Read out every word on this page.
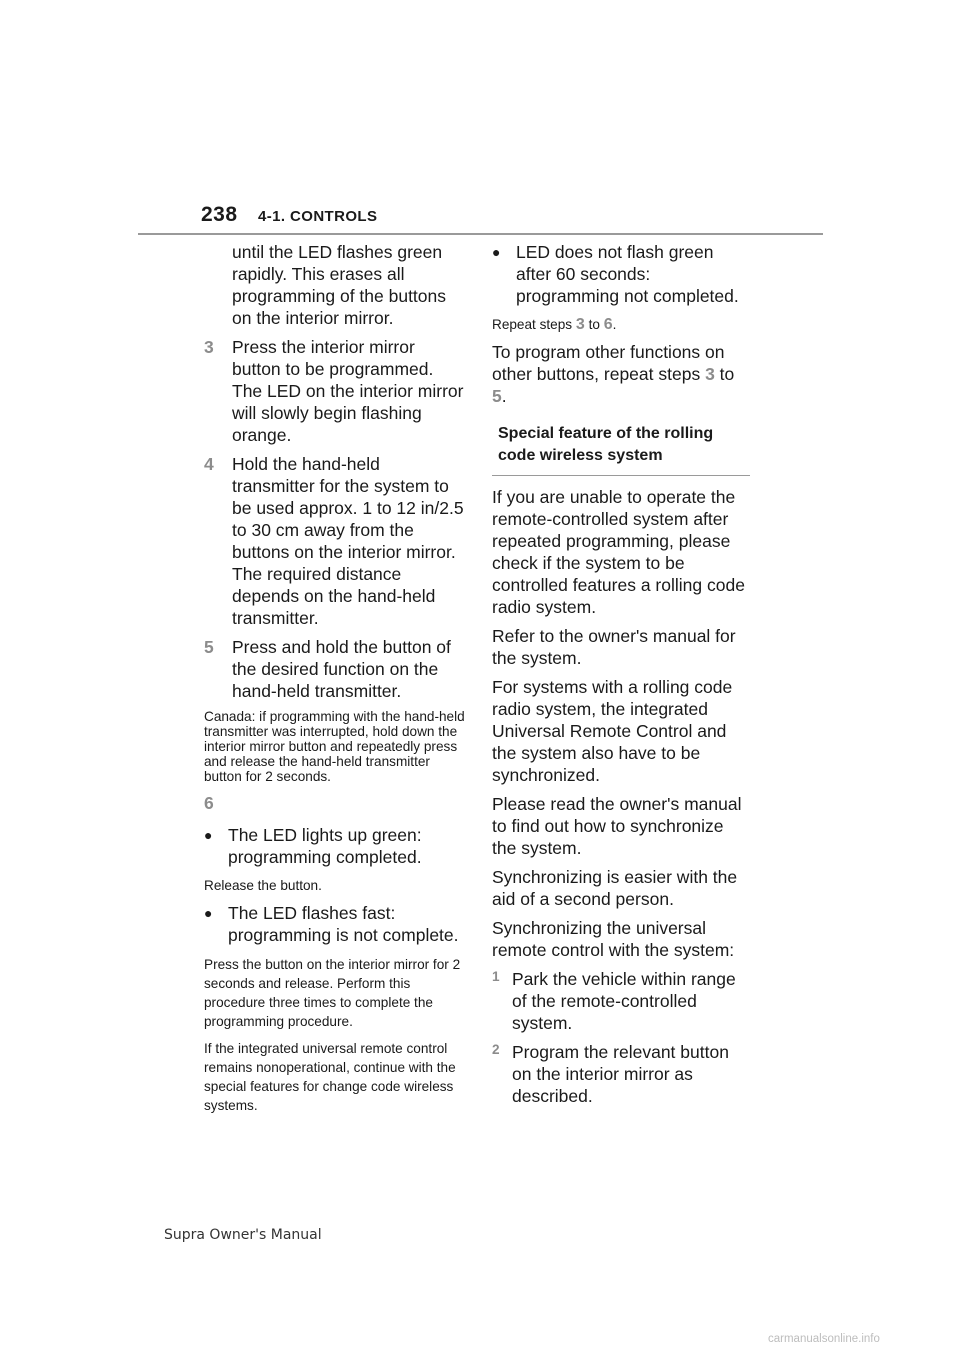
238 4-1. CONTROLS

until the LED flashes green rapidly. This erases all programming of the buttons on the interior mirror.

3	Press the interior mirror button to be programmed. The LED on the interior mirror will slowly begin flashing orange.
4	Hold the hand-held transmitter for the system to be used approx. 1 to 12 in/2.5 to 30 cm away from the buttons on the interior mirror. The required distance depends on the hand-held transmitter.
5	Press and hold the button of the desired function on the hand-held transmitter.

Canada: if programming with the hand-held transmitter was interrupted, hold down the interior mirror button and repeatedly press and release the hand-held transmitter button for 2 seconds.

6
● The LED lights up green: programming completed.

Release the button.

● The LED flashes fast: programming is not complete.

Press the button on the interior mirror for 2 seconds and release. Perform this procedure three times to complete the programming procedure.

If the integrated universal remote control remains nonoperational, continue with the special features for change code wireless systems.

● LED does not flash green after 60 seconds: programming not completed.

Repeat steps 3 to 6.

To program other functions on other buttons, repeat steps 3 to 5.

Special feature of the rolling code wireless system

If you are unable to operate the remote-controlled system after repeated programming, please check if the system to be controlled features a rolling code radio system.

Refer to the owner's manual for the system.

For systems with a rolling code radio system, the integrated Universal Remote Control and the system also have to be synchronized.

Please read the owner's manual to find out how to synchronize the system.

Synchronizing is easier with the aid of a second person.

Synchronizing the universal remote control with the system:

1 Park the vehicle within range of the remote-controlled system.
2 Program the relevant button on the interior mirror as described.
Supra Owner's Manual
carmanualsonline.info
